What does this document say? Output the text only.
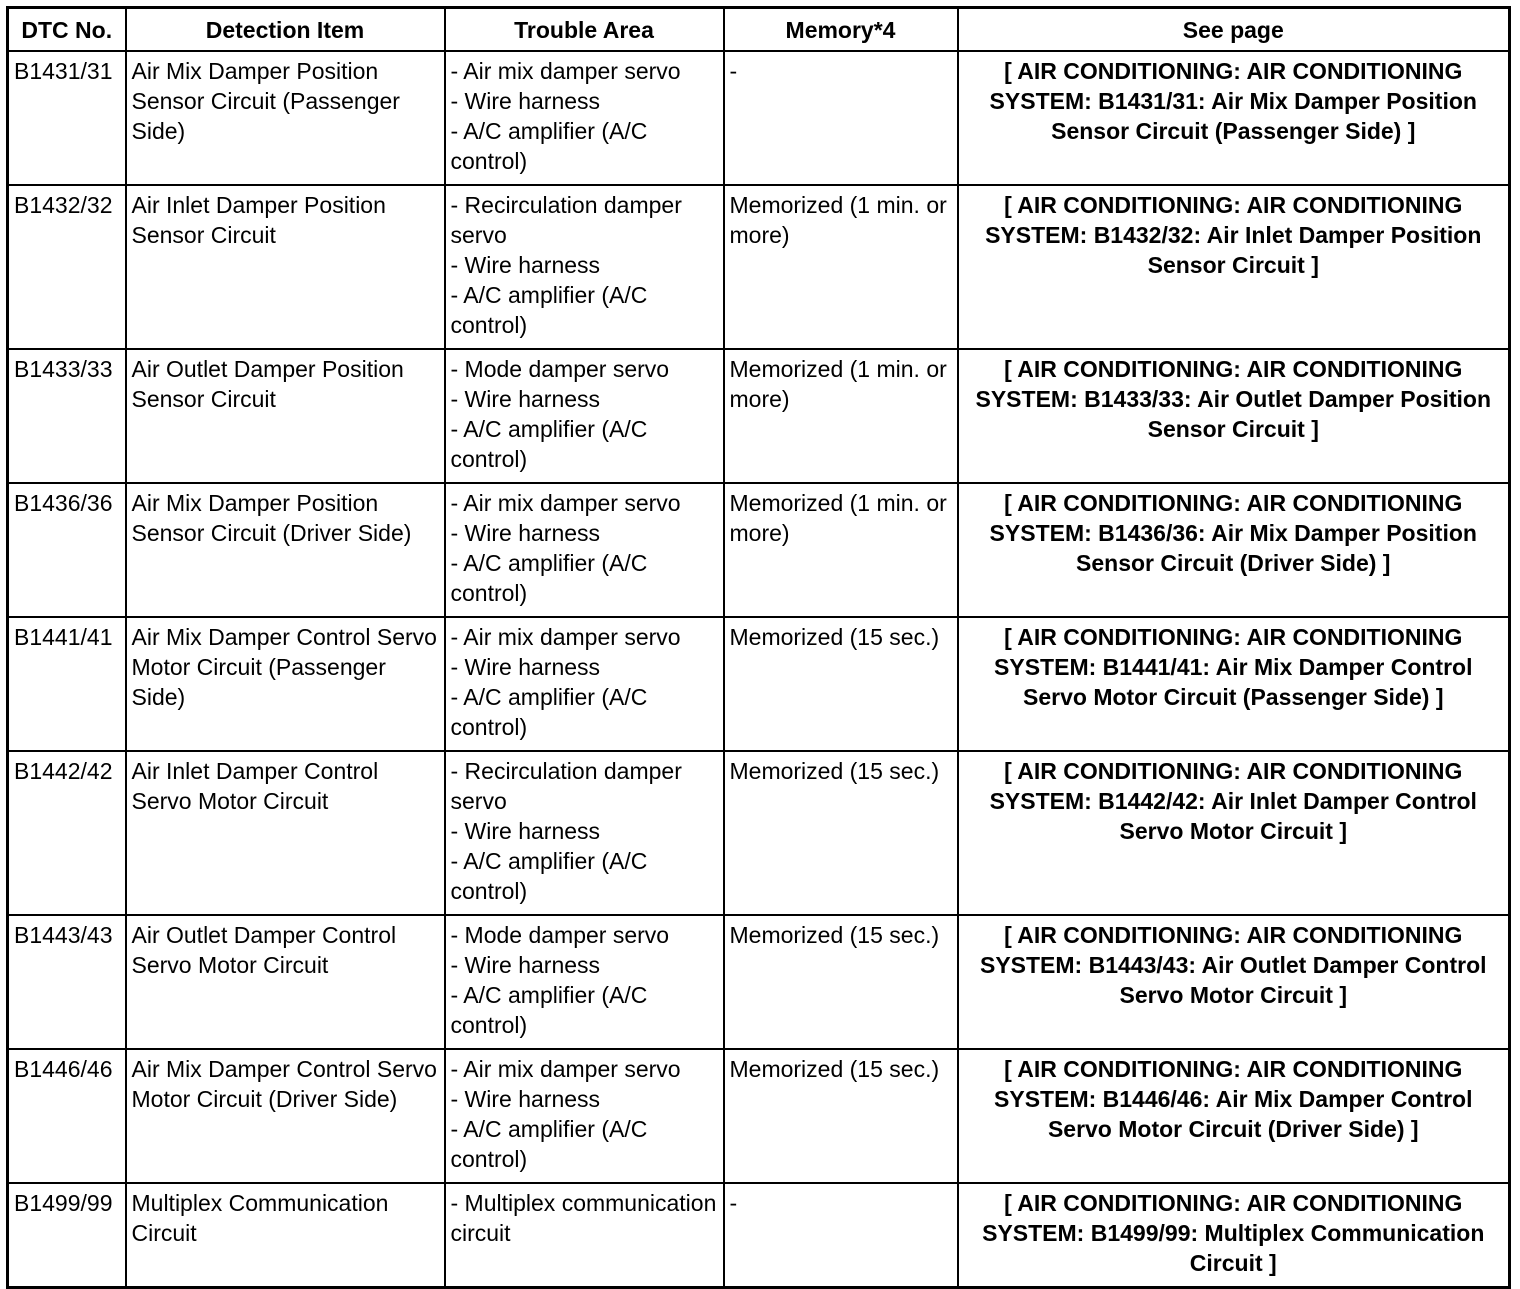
DTC No.	Detection Item	Trouble Area	Memory*4	See page
B1431/31	Air Mix Damper Position Sensor Circuit (Passenger Side)	- Air mix damper servo
- Wire harness
- A/C amplifier (A/C control)	-	[ AIR CONDITIONING: AIR CONDITIONING SYSTEM: B1431/31: Air Mix Damper Position Sensor Circuit (Passenger Side) ]
B1432/32	Air Inlet Damper Position Sensor Circuit	- Recirculation damper servo
- Wire harness
- A/C amplifier (A/C control)	Memorized (1 min. or more)	[ AIR CONDITIONING: AIR CONDITIONING SYSTEM: B1432/32: Air Inlet Damper Position Sensor Circuit ]
B1433/33	Air Outlet Damper Position Sensor Circuit	- Mode damper servo
- Wire harness
- A/C amplifier (A/C control)	Memorized (1 min. or more)	[ AIR CONDITIONING: AIR CONDITIONING SYSTEM: B1433/33: Air Outlet Damper Position Sensor Circuit ]
B1436/36	Air Mix Damper Position Sensor Circuit (Driver Side)	- Air mix damper servo
- Wire harness
- A/C amplifier (A/C control)	Memorized (1 min. or more)	[ AIR CONDITIONING: AIR CONDITIONING SYSTEM: B1436/36: Air Mix Damper Position Sensor Circuit (Driver Side) ]
B1441/41	Air Mix Damper Control Servo Motor Circuit (Passenger Side)	- Air mix damper servo
- Wire harness
- A/C amplifier (A/C control)	Memorized (15 sec.)	[ AIR CONDITIONING: AIR CONDITIONING SYSTEM: B1441/41: Air Mix Damper Control Servo Motor Circuit (Passenger Side) ]
B1442/42	Air Inlet Damper Control Servo Motor Circuit	- Recirculation damper servo
- Wire harness
- A/C amplifier (A/C control)	Memorized (15 sec.)	[ AIR CONDITIONING: AIR CONDITIONING SYSTEM: B1442/42: Air Inlet Damper Control Servo Motor Circuit ]
B1443/43	Air Outlet Damper Control Servo Motor Circuit	- Mode damper servo
- Wire harness
- A/C amplifier (A/C control)	Memorized (15 sec.)	[ AIR CONDITIONING: AIR CONDITIONING SYSTEM: B1443/43: Air Outlet Damper Control Servo Motor Circuit ]
B1446/46	Air Mix Damper Control Servo Motor Circuit (Driver Side)	- Air mix damper servo
- Wire harness
- A/C amplifier (A/C control)	Memorized (15 sec.)	[ AIR CONDITIONING: AIR CONDITIONING SYSTEM: B1446/46: Air Mix Damper Control Servo Motor Circuit (Driver Side) ]
B1499/99	Multiplex Communication Circuit	- Multiplex communication circuit	-	[ AIR CONDITIONING: AIR CONDITIONING SYSTEM: B1499/99: Multiplex Communication Circuit ]
